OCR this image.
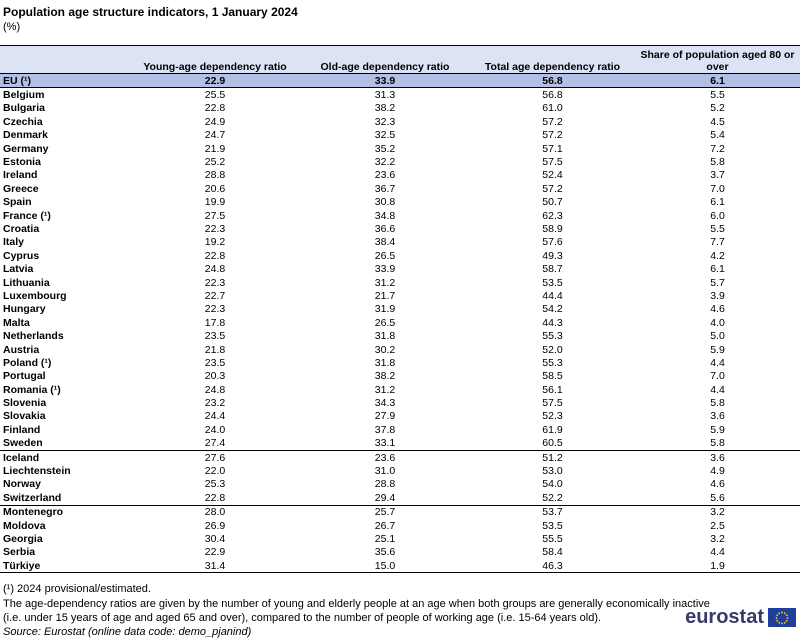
Population age structure indicators, 1 January 2024
(%)
	Young-age dependency ratio	Old-age dependency ratio	Total age dependency ratio	Share of population aged 80 or over
EU (¹)	22.9	33.9	56.8	6.1
Belgium	25.5	31.3	56.8	5.5
Bulgaria	22.8	38.2	61.0	5.2
Czechia	24.9	32.3	57.2	4.5
Denmark	24.7	32.5	57.2	5.4
Germany	21.9	35.2	57.1	7.2
Estonia	25.2	32.2	57.5	5.8
Ireland	28.8	23.6	52.4	3.7
Greece	20.6	36.7	57.2	7.0
Spain	19.9	30.8	50.7	6.1
France (¹)	27.5	34.8	62.3	6.0
Croatia	22.3	36.6	58.9	5.5
Italy	19.2	38.4	57.6	7.7
Cyprus	22.8	26.5	49.3	4.2
Latvia	24.8	33.9	58.7	6.1
Lithuania	22.3	31.2	53.5	5.7
Luxembourg	22.7	21.7	44.4	3.9
Hungary	22.3	31.9	54.2	4.6
Malta	17.8	26.5	44.3	4.0
Netherlands	23.5	31.8	55.3	5.0
Austria	21.8	30.2	52.0	5.9
Poland (¹)	23.5	31.8	55.3	4.4
Portugal	20.3	38.2	58.5	7.0
Romania (¹)	24.8	31.2	56.1	4.4
Slovenia	23.2	34.3	57.5	5.8
Slovakia	24.4	27.9	52.3	3.6
Finland	24.0	37.8	61.9	5.9
Sweden	27.4	33.1	60.5	5.8
Iceland	27.6	23.6	51.2	3.6
Liechtenstein	22.0	31.0	53.0	4.9
Norway	25.3	28.8	54.0	4.6
Switzerland	22.8	29.4	52.2	5.6
Montenegro	28.0	25.7	53.7	3.2
Moldova	26.9	26.7	53.5	2.5
Georgia	30.4	25.1	55.5	3.2
Serbia	22.9	35.6	58.4	4.4
Türkiye	31.4	15.0	46.3	1.9
(¹) 2024 provisional/estimated.
The age-dependency ratios are given by the number of young and elderly people at an age when both groups are generally economically inactive
(i.e. under 15 years of age and aged 65 and over), compared to the number of people of working age (i.e. 15-64 years old).
Source: Eurostat (online data code: demo_pjanind)
eurostat
